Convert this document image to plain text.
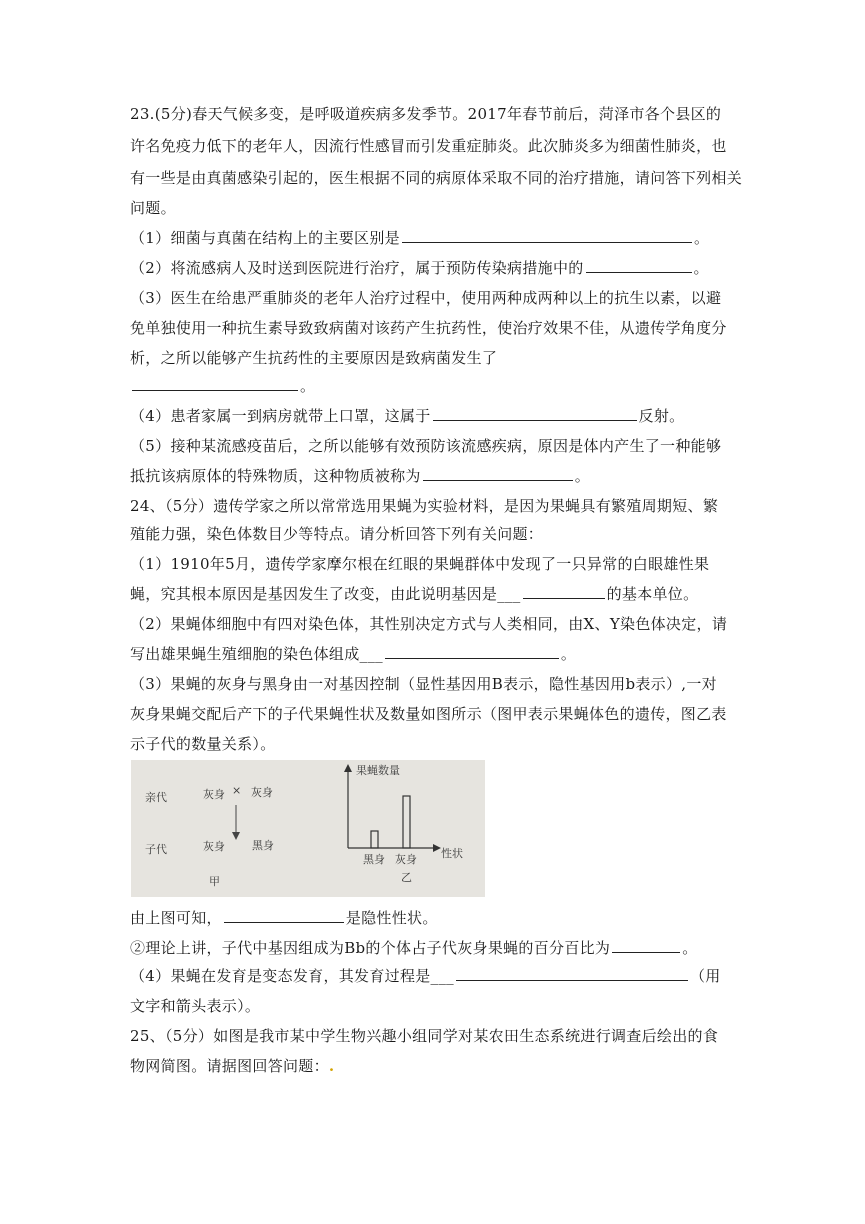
23.(5分)春天气候多变，是呼吸道疾病多发季节。2017年春节前后，菏泽市各个县区的
许名免疫力低下的老年人，因流行性感冒而引发重症肺炎。此次肺炎多为细菌性肺炎，也
有一些是由真菌感染引起的，医生根据不同的病原体采取不同的治疗措施，请问答下列相关
问题。
（1）细菌与真菌在结构上的主要区别是	。
（2）将流感病人及时送到医院进行治疗，属于预防传染病措施中的	。
（3）医生在给患严重肺炎的老年人治疗过程中，使用两种成两种以上的抗生以素，以避
免单独使用一种抗生素导致致病菌对该药产生抗药性，使治疗效果不佳，从遗传学角度分
析，之所以能够产生抗药性的主要原因是致病菌发生了
。
（4）患者家属一到病房就带上口罩，这属于	反射。
（5）接种某流感疫苗后，之所以能够有效预防该流感疾病，原因是体内产生了一种能够
抵抗该病原体的特殊物质，这种物质被称为	。
24、（5分）遗传学家之所以常常选用果蝇为实验材料，是因为果蝇具有繁殖周期短、繁
殖能力强，染色体数目少等特点。请分析回答下列有关问题：
（1）1910年5月，遗传学家摩尔根在红眼的果蝇群体中发现了一只异常的白眼雄性果
蝇，究其根本原因是基因发生了改变，由此说明基因是___	的基本单位。
（2）果蝇体细胞中有四对染色体，其性别决定方式与人类相同，由X、Y染色体决定，请
写出雄果蝇生殖细胞的染色体组成___	。
（3）果蝇的灰身与黑身由一对基因控制（显性基因用B表示，隐性基因用b表示）,一对
灰身果蝇交配后产下的子代果蝇性状及数量如图所示（图甲表示果蝇体色的遗传，图乙表
示子代的数量关系）。
亲代	灰身 × 灰身
子代	灰身 黑身
甲
果蝇数量
性状
黑身 灰身
乙
由上图可知，	是隐性性状。
②理论上讲，子代中基因组成为Bb的个体占子代灰身果蝇的百分百比为	。
（4）果蝇在发育是变态发育，其发育过程是___	（用
文字和箭头表示）。
25、（5分）如图是我市某中学生物兴趣小组同学对某农田生态系统进行调查后绘出的食
物网简图。请据图回答问题：.
